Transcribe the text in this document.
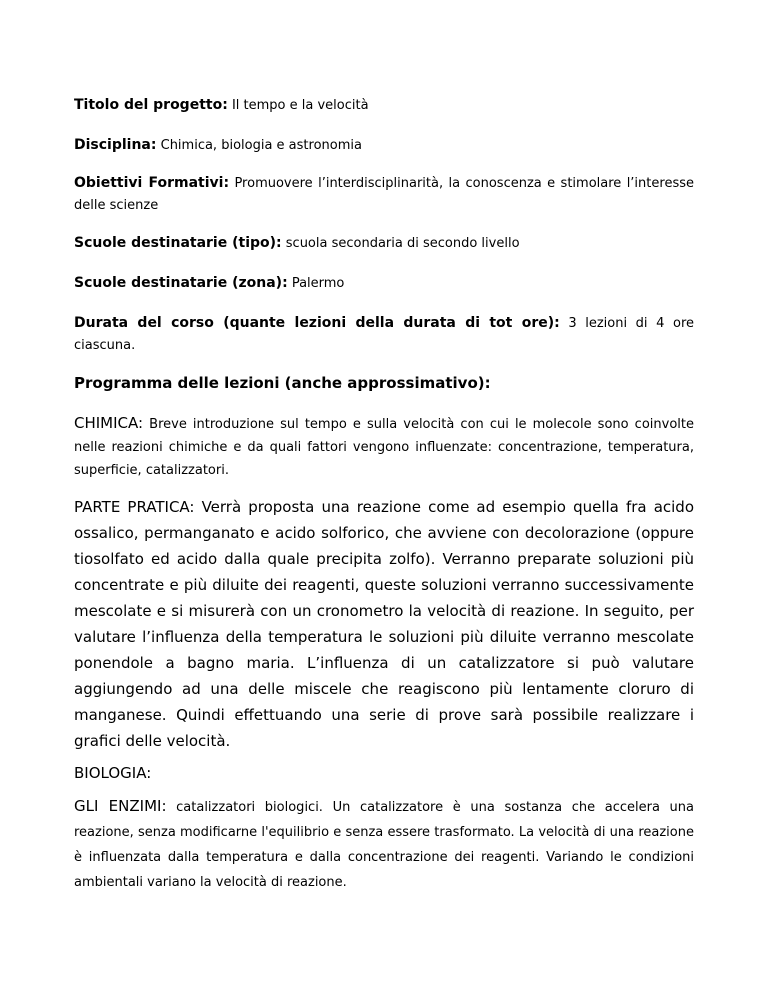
Titolo del progetto: Il tempo e la velocità
Disciplina: Chimica, biologia e astronomia
Obiettivi Formativi: Promuovere l’interdisciplinarità, la conoscenza e stimolare l’interesse delle scienze
Scuole destinatarie (tipo): scuola secondaria di secondo livello
Scuole destinatarie (zona): Palermo
Durata del corso (quante lezioni della durata di tot ore): 3 lezioni di 4 ore ciascuna.
Programma delle lezioni (anche approssimativo):
CHIMICA: Breve introduzione sul tempo e sulla velocità con cui le molecole sono coinvolte nelle reazioni chimiche e da quali fattori vengono influenzate: concentrazione, temperatura, superficie, catalizzatori.
PARTE PRATICA: Verrà proposta una reazione come ad esempio quella fra acido ossalico, permanganato e acido solforico, che avviene con decolorazione (oppure tiosolfato ed acido dalla quale precipita zolfo). Verranno preparate soluzioni più concentrate e più diluite dei reagenti, queste soluzioni verranno successivamente mescolate e si misurerà con un cronometro la velocità di reazione. In seguito, per valutare l’influenza della temperatura le soluzioni più diluite verranno mescolate ponendole a bagno maria. L’influenza di un catalizzatore si può valutare aggiungendo ad una delle miscele che reagiscono più lentamente cloruro di manganese. Quindi effettuando una serie di prove sarà possibile realizzare i grafici delle velocità.
BIOLOGIA:
GLI ENZIMI: catalizzatori biologici. Un catalizzatore è una sostanza che accelera una reazione, senza modificarne l'equilibrio e senza essere trasformato. La velocità di una reazione è influenzata dalla temperatura e dalla concentrazione dei reagenti. Variando le condizioni ambientali variano la velocità di reazione.
